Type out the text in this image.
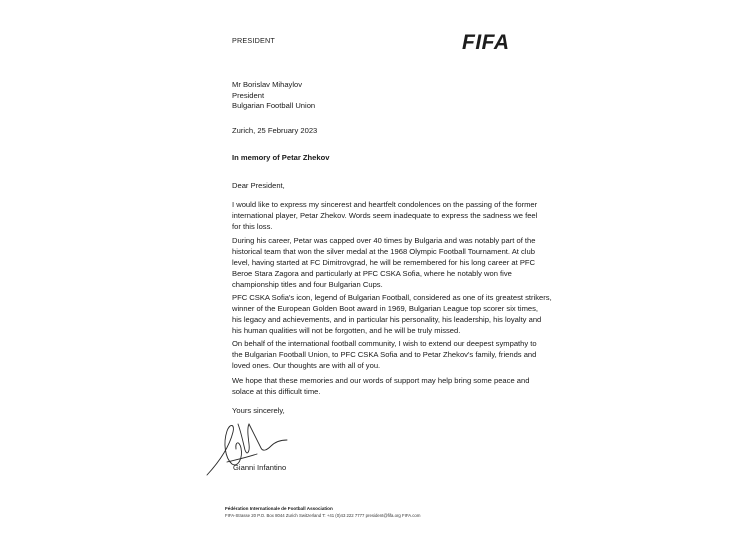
PRESIDENT	FIFA
Mr Borislav Mihaylov
President
Bulgarian Football Union
Zurich, 25 February 2023
In memory of Petar Zhekov
Dear President,
I would like to express my sincerest and heartfelt condolences on the passing of the former
international player, Petar Zhekov. Words seem inadequate to express the sadness we feel
for this loss.
During his career, Petar was capped over 40 times by Bulgaria and was notably part of the
historical team that won the silver medal at the 1968 Olympic Football Tournament. At club
level, having started at FC Dimitrovgrad, he will be remembered for his long career at PFC
Beroe Stara Zagora and particularly at PFC CSKA Sofia, where he notably won five
championship titles and four Bulgarian Cups.
PFC CSKA Sofia's icon, legend of Bulgarian Football, considered as one of its greatest strikers,
winner of the European Golden Boot award in 1969, Bulgarian League top scorer six times,
his legacy and achievements, and in particular his personality, his leadership, his loyalty and
his human qualities will not be forgotten, and he will be truly missed.
On behalf of the international football community, I wish to extend our deepest sympathy to
the Bulgarian Football Union, to PFC CSKA Sofia and to Petar Zhekov's family, friends and
loved ones. Our thoughts are with all of you.
We hope that these memories and our words of support may help bring some peace and
solace at this difficult time.
Yours sincerely,
Gianni Infantino
Fédération Internationale de Football Association
FIFA-Strasse 20 P.O. Box 8044 Zurich Switzerland T: +41 (0)43 222 7777 president@fifa.org FIFA.com
